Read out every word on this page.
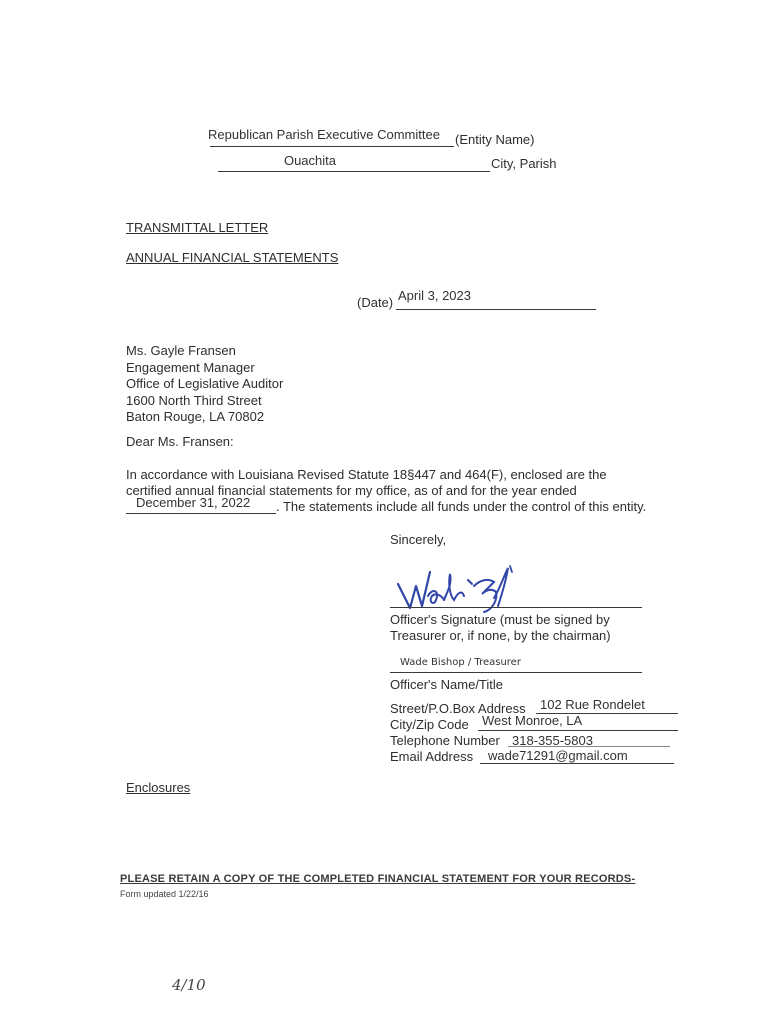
Republican Parish Executive Committee	(Entity Name)
Ouachita	City, Parish
TRANSMITTAL LETTER
ANNUAL FINANCIAL STATEMENTS
(Date) April 3, 2023
Ms. Gayle Fransen
Engagement Manager
Office of Legislative Auditor
1600 North Third Street
Baton Rouge, LA 70802
Dear Ms. Fransen:
In accordance with Louisiana Revised Statute 18§447 and 464(F), enclosed are the
certified annual financial statements for my office, as of and for the year ended
December 31, 2022	. The statements include all funds under the control of this entity.
Sincerely,
Officer's Signature (must be signed by
Treasurer or, if none, by the chairman)
Wade Bishop / Treasurer
Officer's Name/Title
Street/P.O.Box Address 102 Rue Rondelet
City/Zip Code West Monroe, LA
Telephone Number 318-355-5803
Email Address wade71291@gmail.com
Enclosures
PLEASE RETAIN A COPY OF THE COMPLETED FINANCIAL STATEMENT FOR YOUR RECORDS-
Form updated 1/22/16
4/10
